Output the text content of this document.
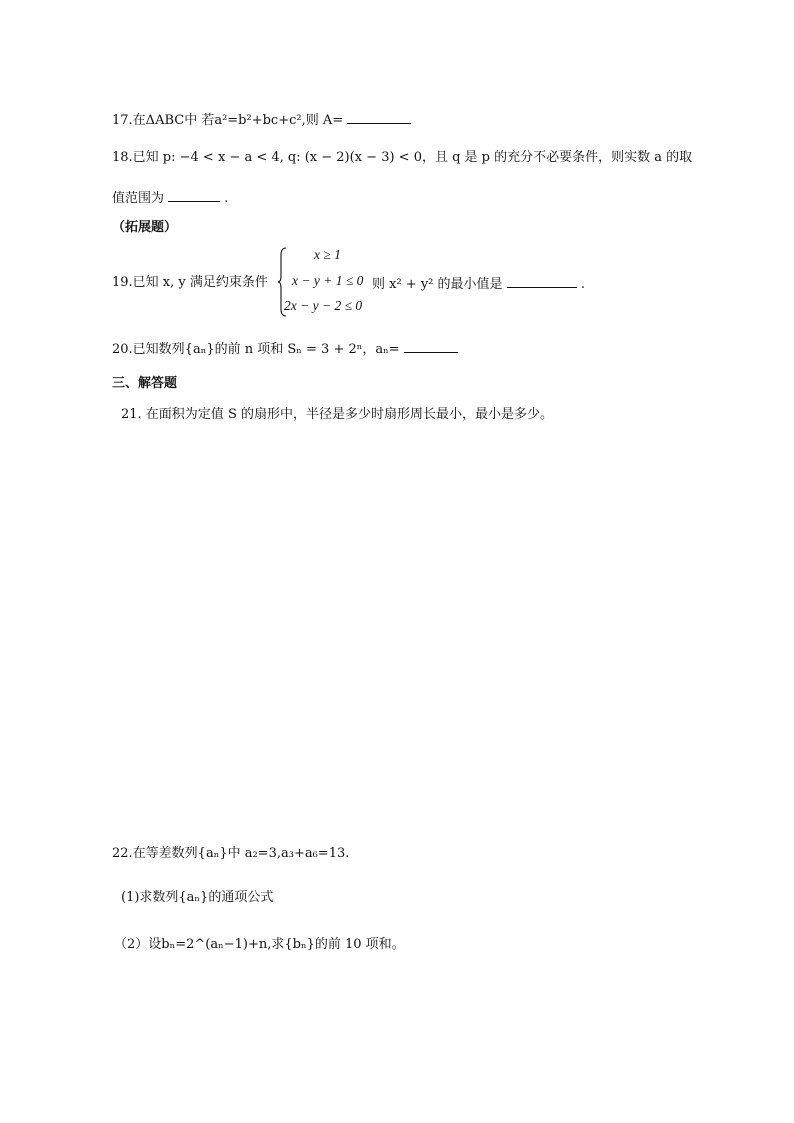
17.在ΔABC中 若a²=b²+bc+c²,则 A=
18.已知 p: −4 < x − a < 4, q: (x − 2)(x − 3) < 0，且 q 是 p 的充分不必要条件，则实数 a 的取
值范围为	.
（拓展题）
19.已知 x, y 满足约束条件
x ≥ 1
x − y + 1 ≤ 0
2x − y − 2 ≤ 0
则 x² + y² 的最小值是	.
20.已知数列{aₙ}的前 n 项和 Sₙ = 3 + 2ⁿ，aₙ=
三、解答题
21. 在面积为定值 S 的扇形中，半径是多少时扇形周长最小，最小是多少。
22.在等差数列{aₙ}中 a₂=3,a₃+a₆=13.
(1)求数列{aₙ}的通项公式
（2）设bₙ=2^(aₙ−1)+n,求{bₙ}的前 10 项和。
